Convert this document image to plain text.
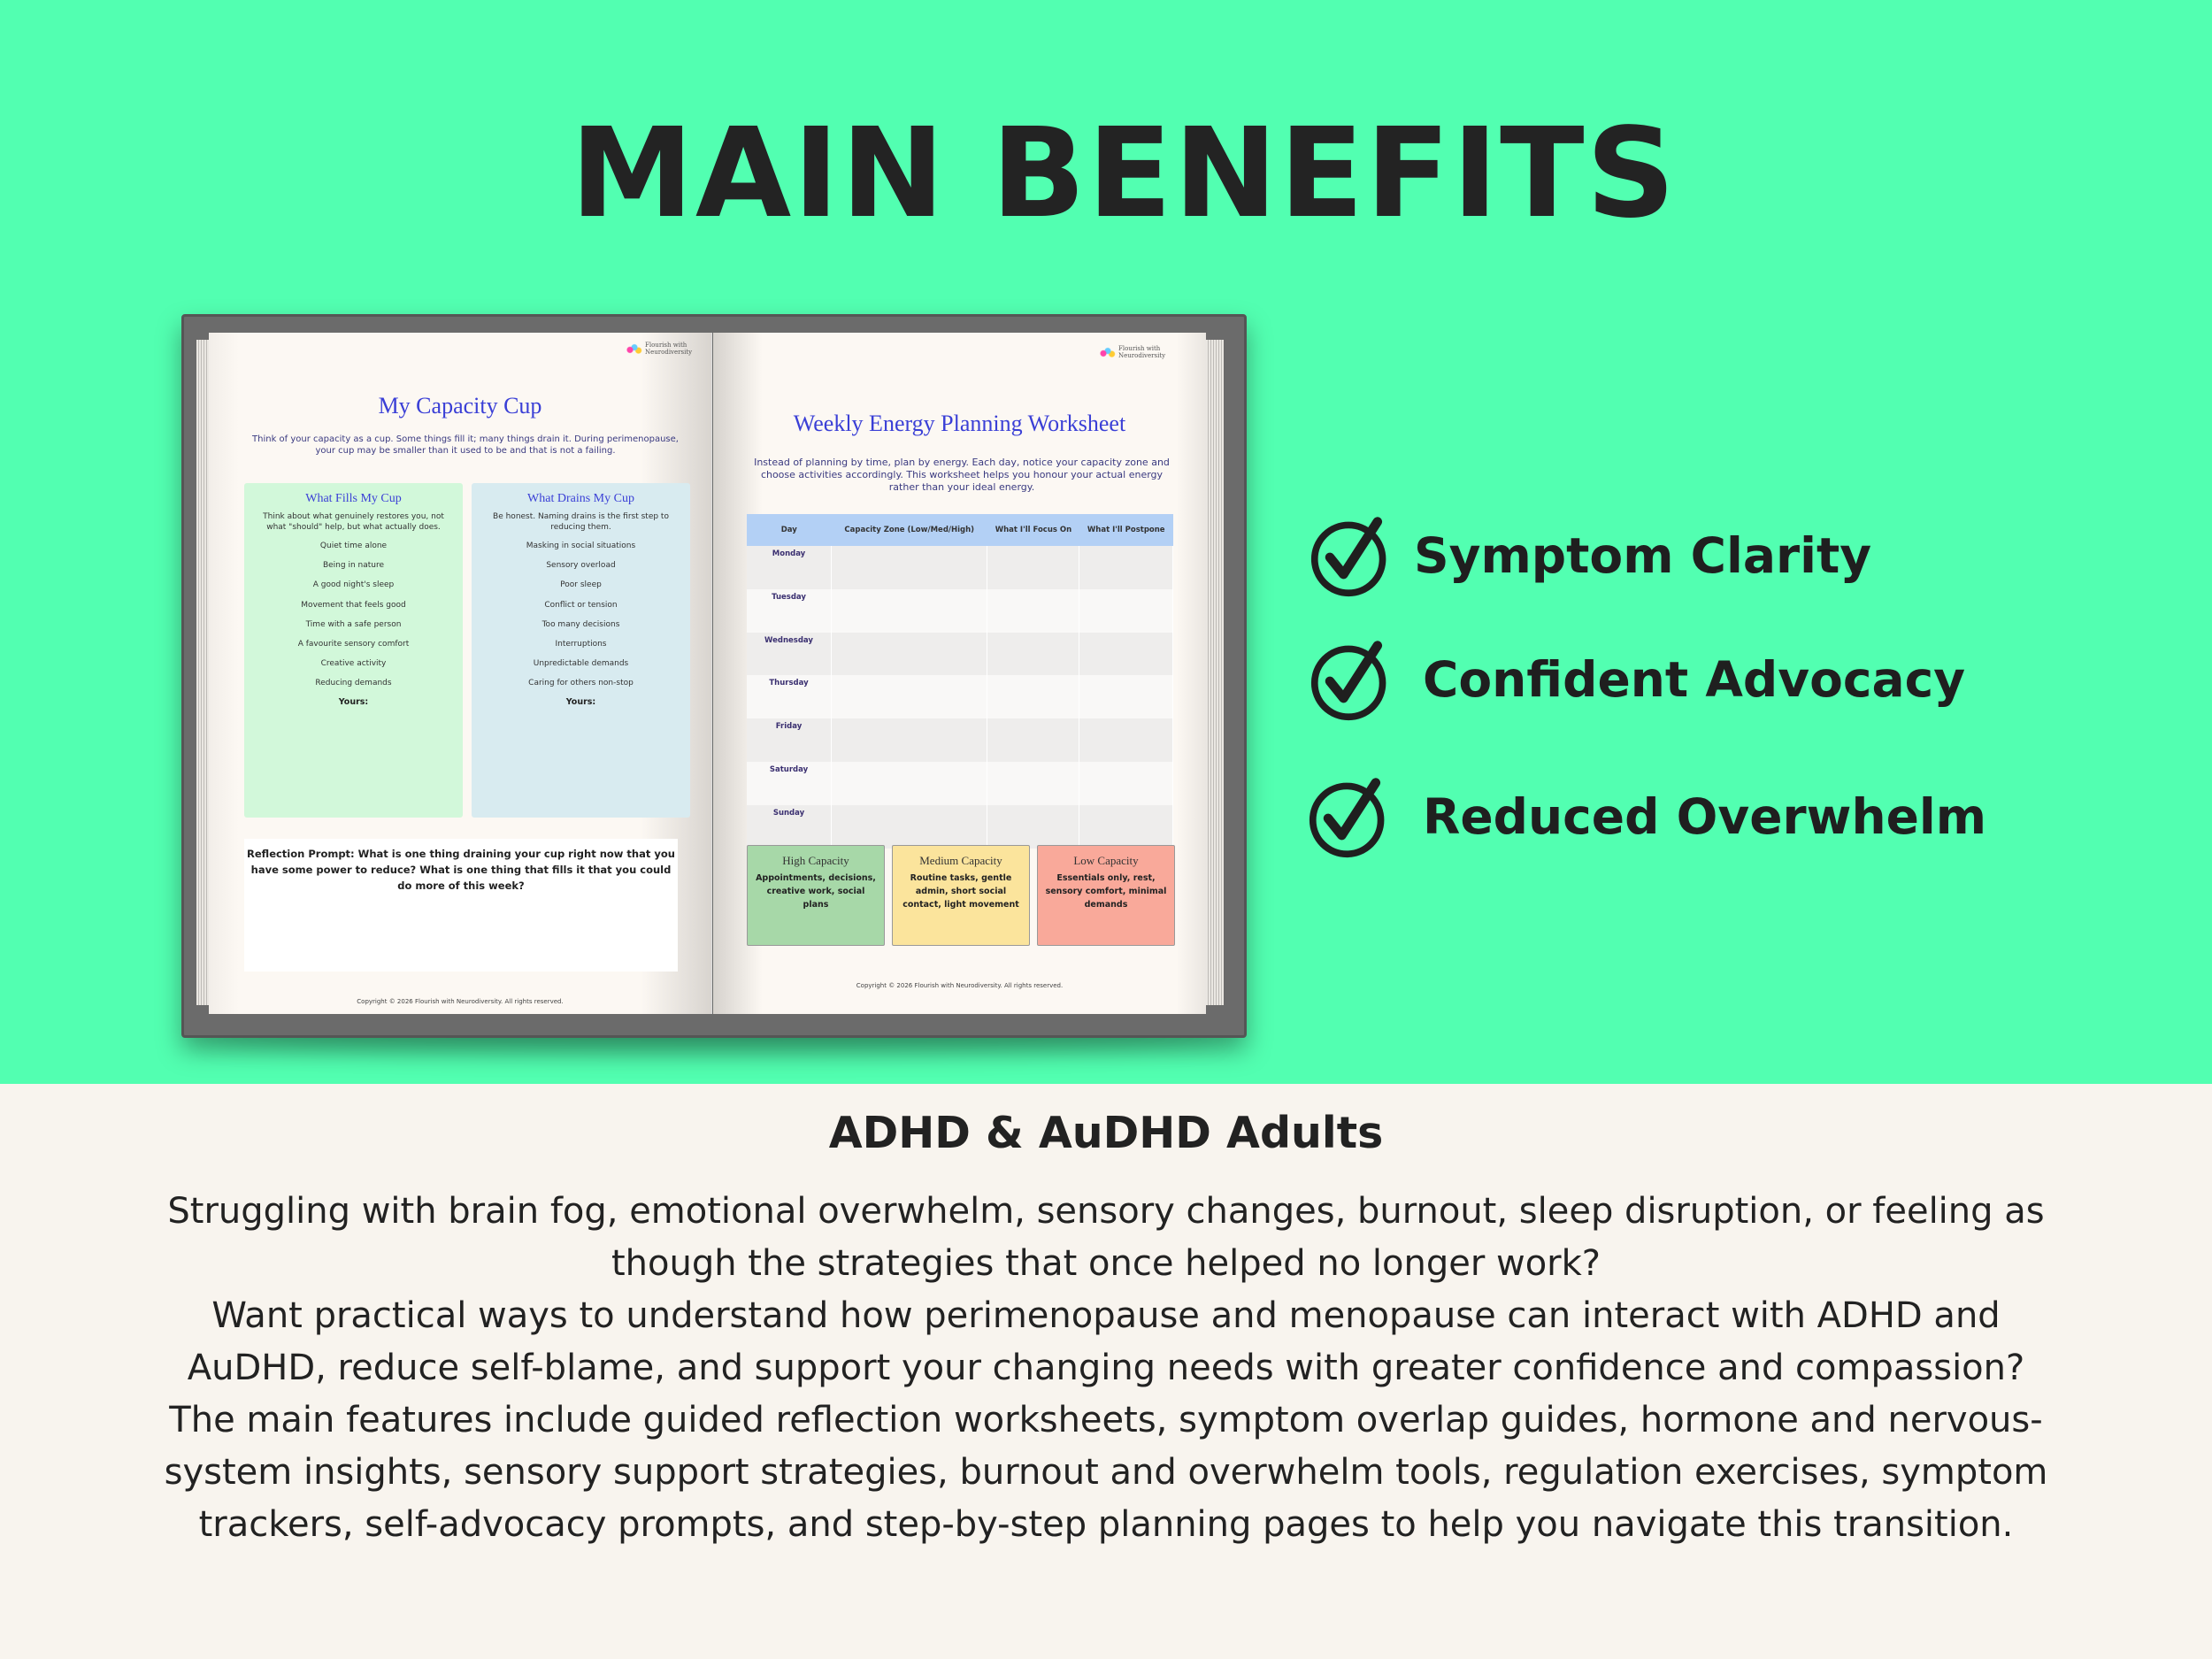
MAIN BENEFITS
Flourish with
Neurodiversity
My Capacity Cup
Think of your capacity as a cup. Some things fill it; many things drain it. During perimenopause, your cup may be smaller than it used to be and that is not a failing.
What Fills My Cup
Think about what genuinely restores you, not what "should" help, but what actually does.
Quiet time alone
Being in nature
A good night's sleep
Movement that feels good
Time with a safe person
A favourite sensory comfort
Creative activity
Reducing demands
Yours:
What Drains My Cup
Be honest. Naming drains is the first step to reducing them.
Masking in social situations
Sensory overload
Poor sleep
Conflict or tension
Too many decisions
Interruptions
Unpredictable demands
Caring for others non-stop
Yours:
Reflection Prompt: What is one thing draining your cup right now that you have some power to reduce? What is one thing that fills it that you could do more of this week?
Copyright © 2026 Flourish with Neurodiversity. All rights reserved.
Flourish with
Neurodiversity
Weekly Energy Planning Worksheet
Instead of planning by time, plan by energy. Each day, notice your capacity zone and choose activities accordingly. This worksheet helps you honour your actual energy rather than your ideal energy.
Day	Capacity Zone (Low/Med/High)	What I'll Focus On	What I'll Postpone
Monday			
Tuesday			
Wednesday			
Thursday			
Friday			
Saturday			
Sunday			
High Capacity
Appointments, decisions, creative work, social plans
Medium Capacity
Routine tasks, gentle admin, short social contact, light movement
Low Capacity
Essentials only, rest, sensory comfort, minimal demands
Copyright © 2026 Flourish with Neurodiversity. All rights reserved.
Symptom Clarity
Confident Advocacy
Reduced Overwhelm
ADHD & AuDHD Adults
Struggling with brain fog, emotional overwhelm, sensory changes, burnout, sleep disruption, or feeling as
though the strategies that once helped no longer work?
Want practical ways to understand how perimenopause and menopause can interact with ADHD and
AuDHD, reduce self-blame, and support your changing needs with greater confidence and compassion?
The main features include guided reflection worksheets, symptom overlap guides, hormone and nervous-
system insights, sensory support strategies, burnout and overwhelm tools, regulation exercises, symptom
trackers, self-advocacy prompts, and step-by-step planning pages to help you navigate this transition.
